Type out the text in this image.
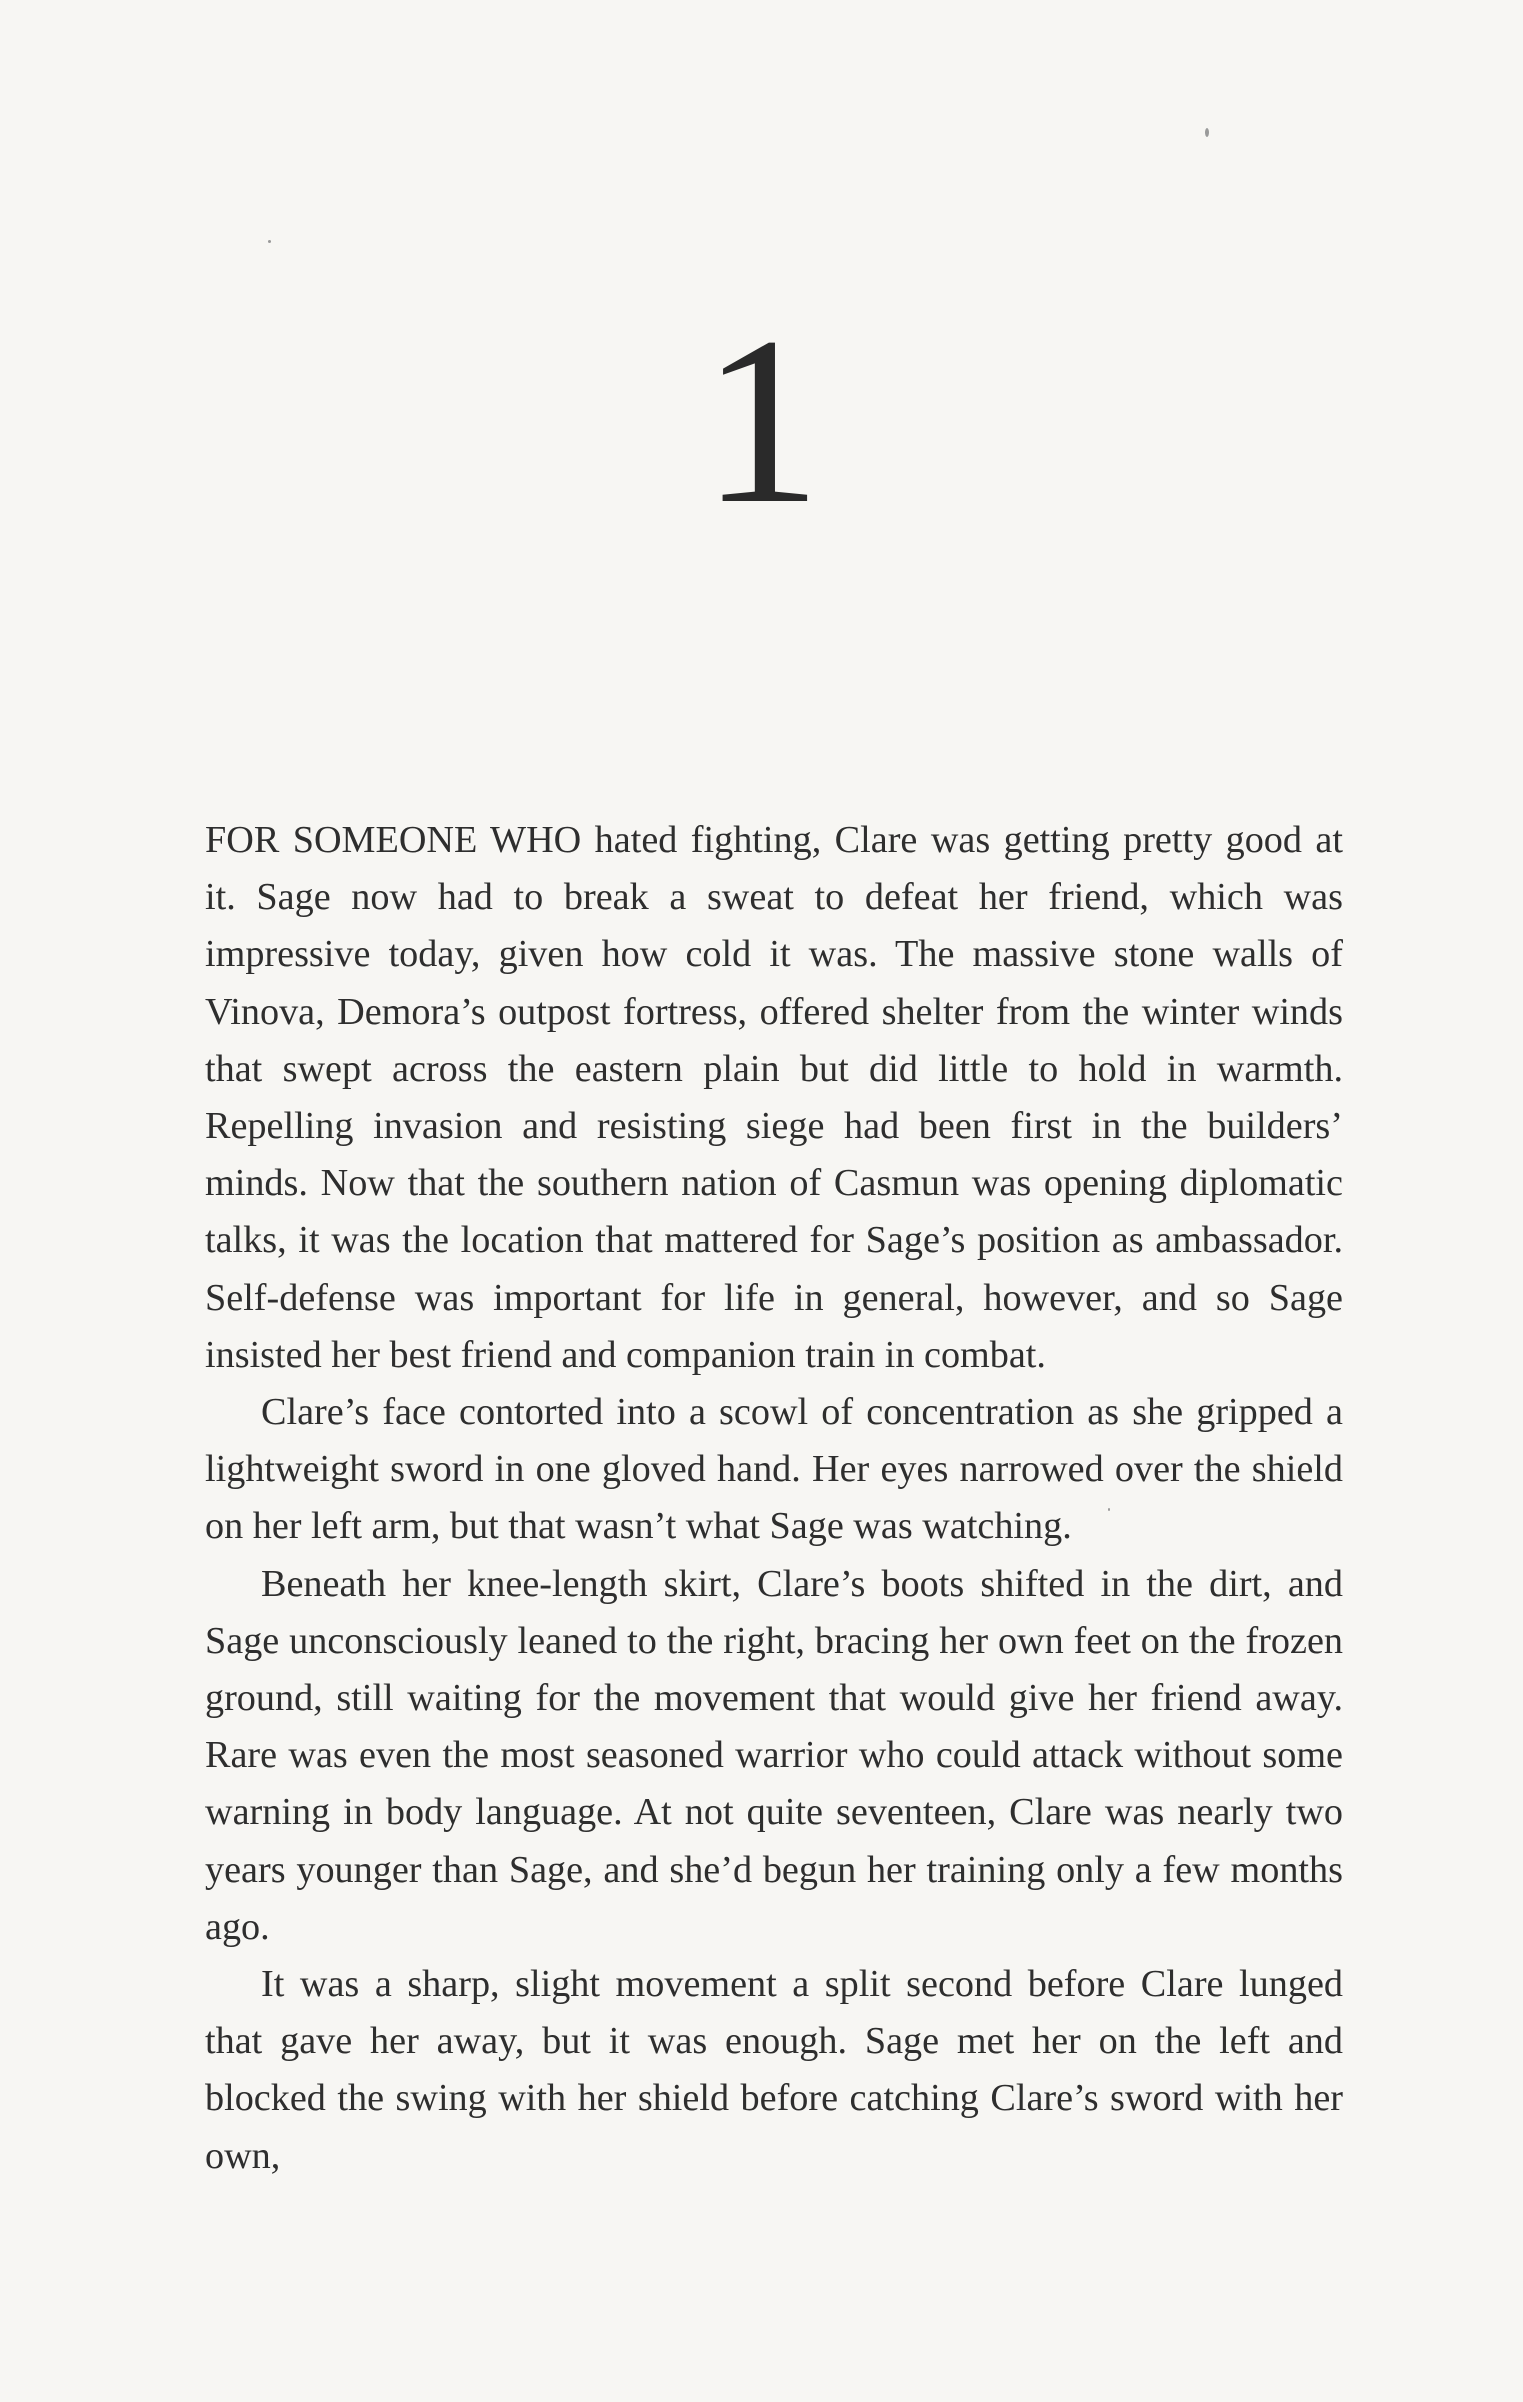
1

FOR SOMEONE WHO hated fighting, Clare was getting pretty good at it. Sage now had to break a sweat to defeat her friend, which was impressive today, given how cold it was. The massive stone walls of Vinova, Demora’s outpost fortress, offered shelter from the winter winds that swept across the eastern plain but did little to hold in warmth. Repelling invasion and resisting siege had been first in the builders’ minds. Now that the southern nation of Casmun was opening diplomatic talks, it was the location that mattered for Sage’s position as ambassador. Self-defense was important for life in general, however, and so Sage insisted her best friend and companion train in combat.

Clare’s face contorted into a scowl of concentration as she gripped a lightweight sword in one gloved hand. Her eyes narrowed over the shield on her left arm, but that wasn’t what Sage was watching.

Beneath her knee-length skirt, Clare’s boots shifted in the dirt, and Sage unconsciously leaned to the right, bracing her own feet on the frozen ground, still waiting for the movement that would give her friend away. Rare was even the most seasoned warrior who could attack without some warning in body language. At not quite seventeen, Clare was nearly two years younger than Sage, and she’d begun her training only a few months ago.

It was a sharp, slight movement a split second before Clare lunged that gave her away, but it was enough. Sage met her on the left and blocked the swing with her shield before catching Clare’s sword with her own,
